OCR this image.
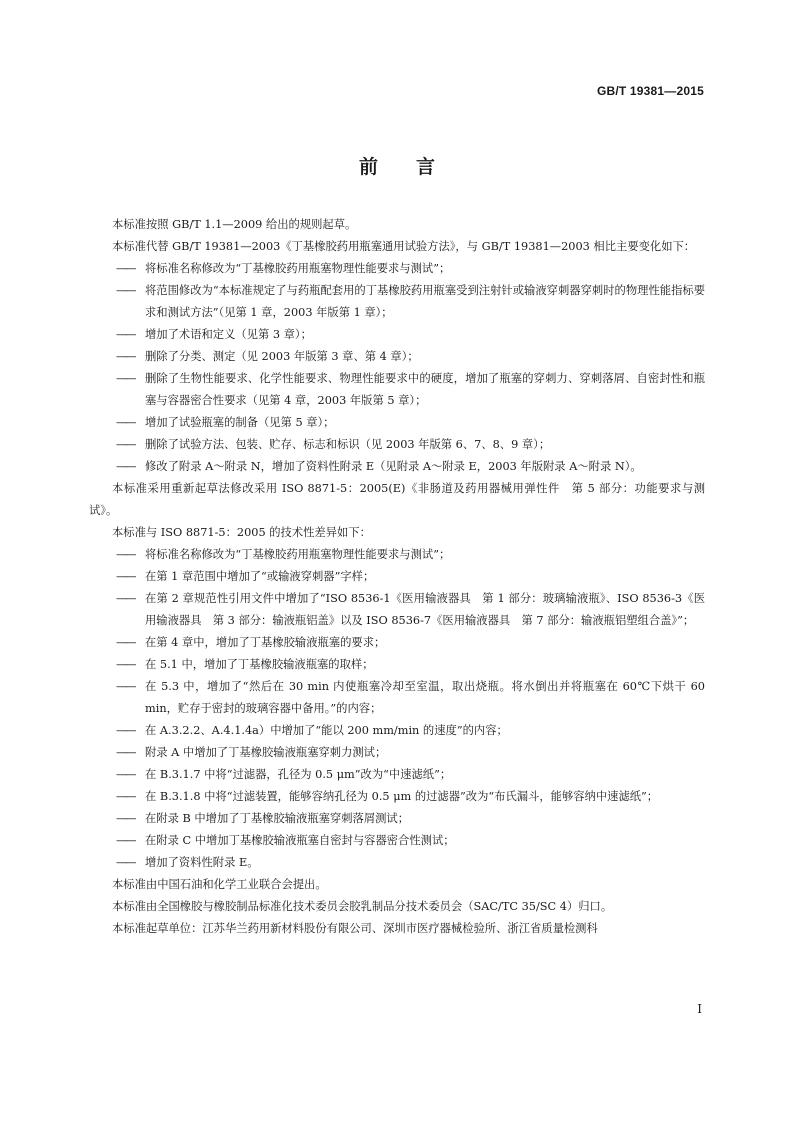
GB/T 19381—2015
前 言
本标准按照 GB/T 1.1—2009 给出的规则起草。
本标准代替 GB/T 19381—2003《丁基橡胶药用瓶塞通用试验方法》，与 GB/T 19381—2003 相比主要变化如下：
—— 将标准名称修改为“丁基橡胶药用瓶塞物理性能要求与测试”；
—— 将范围修改为“本标准规定了与药瓶配套用的丁基橡胶药用瓶塞受到注射针或输液穿刺器穿刺时的物理性能指标要求和测试方法”（见第 1 章，2003 年版第 1 章）；
—— 增加了术语和定义（见第 3 章）；
—— 删除了分类、测定（见 2003 年版第 3 章、第 4 章）；
—— 删除了生物性能要求、化学性能要求、物理性能要求中的硬度，增加了瓶塞的穿刺力、穿刺落屑、自密封性和瓶塞与容器密合性要求（见第 4 章，2003 年版第 5 章）；
—— 增加了试验瓶塞的制备（见第 5 章）；
—— 删除了试验方法、包装、贮存、标志和标识（见 2003 年版第 6、7、8、9 章）；
—— 修改了附录 A～附录 N，增加了资料性附录 E（见附录 A～附录 E，2003 年版附录 A～附录 N）。
本标准采用重新起草法修改采用 ISO 8871-5：2005(E)《非肠道及药用器械用弹性件　第 5 部分：功能要求与测试》。
本标准与 ISO 8871-5：2005 的技术性差异如下：
—— 将标准名称修改为“丁基橡胶药用瓶塞物理性能要求与测试”；
—— 在第 1 章范围中增加了“或输液穿刺器”字样；
—— 在第 2 章规范性引用文件中增加了“ISO 8536-1《医用输液器具　第 1 部分：玻璃输液瓶》、ISO 8536-3《医用输液器具　第 3 部分：输液瓶铝盖》以及 ISO 8536-7《医用输液器具　第 7 部分：输液瓶铝塑组合盖》”；
—— 在第 4 章中，增加了丁基橡胶输液瓶塞的要求；
—— 在 5.1 中，增加了丁基橡胶输液瓶塞的取样；
—— 在 5.3 中，增加了“然后在 30 min 内使瓶塞冷却至室温，取出烧瓶。将水倒出并将瓶塞在 60℃下烘干 60 min，贮存于密封的玻璃容器中备用。”的内容；
—— 在 A.3.2.2、A.4.1.4a）中增加了“能以 200 mm/min 的速度”的内容；
—— 附录 A 中增加了丁基橡胶输液瓶塞穿刺力测试；
—— 在 B.3.1.7 中将“过滤器，孔径为 0.5 μm”改为“中速滤纸”；
—— 在 B.3.1.8 中将“过滤装置，能够容纳孔径为 0.5 μm 的过滤器”改为“布氏漏斗，能够容纳中速滤纸”；
—— 在附录 B 中增加了丁基橡胶输液瓶塞穿刺落屑测试；
—— 在附录 C 中增加丁基橡胶输液瓶塞自密封与容器密合性测试；
—— 增加了资料性附录 E。
本标准由中国石油和化学工业联合会提出。
本标准由全国橡胶与橡胶制品标准化技术委员会胶乳制品分技术委员会（SAC/TC 35/SC 4）归口。
本标准起草单位：江苏华兰药用新材料股份有限公司、深圳市医疗器械检验所、浙江省质量检测科
I
